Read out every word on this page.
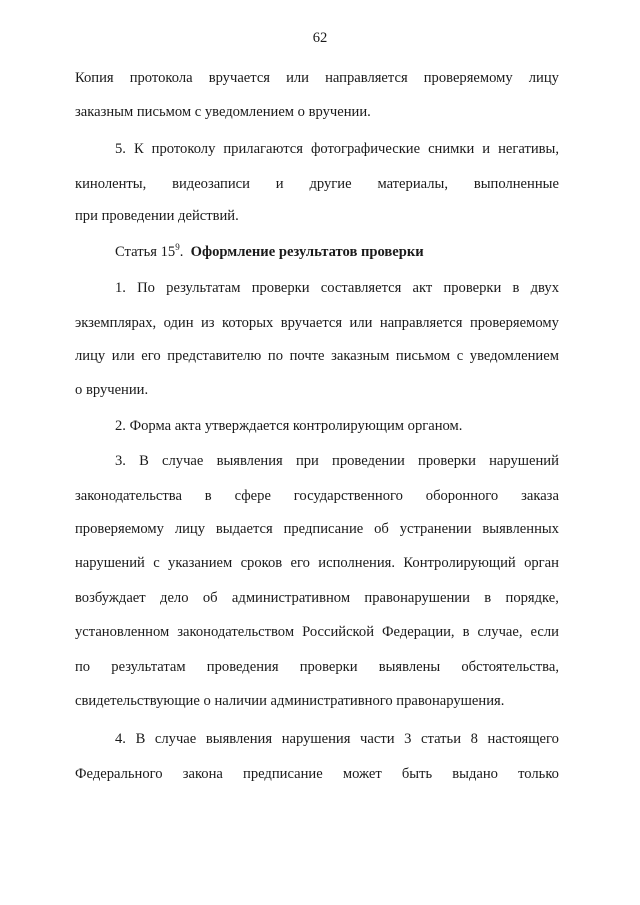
62
Копия протокола вручается или направляется проверяемому лицу
заказным письмом с уведомлением о вручении.
5. К протоколу прилагаются фотографические снимки и негативы,
киноленты, видеозаписи и другие материалы, выполненные
при проведении действий.
Статья $15^9$. Оформление результатов проверки
1. По результатам проверки составляется акт проверки в двух
экземплярах, один из которых вручается или направляется проверяемому
лицу или его представителю по почте заказным письмом с уведомлением
о вручении.
2. Форма акта утверждается контролирующим органом.
3. В случае выявления при проведении проверки нарушений
законодательства в сфере государственного оборонного заказа
проверяемому лицу выдается предписание об устранении выявленных
нарушений с указанием сроков его исполнения. Контролирующий орган
возбуждает дело об административном правонарушении в порядке,
установленном законодательством Российской Федерации, в случае, если
по результатам проведения проверки выявлены обстоятельства,
свидетельствующие о наличии административного правонарушения.
4. В случае выявления нарушения части 3 статьи 8 настоящего
Федерального закона предписание может быть выдано только
